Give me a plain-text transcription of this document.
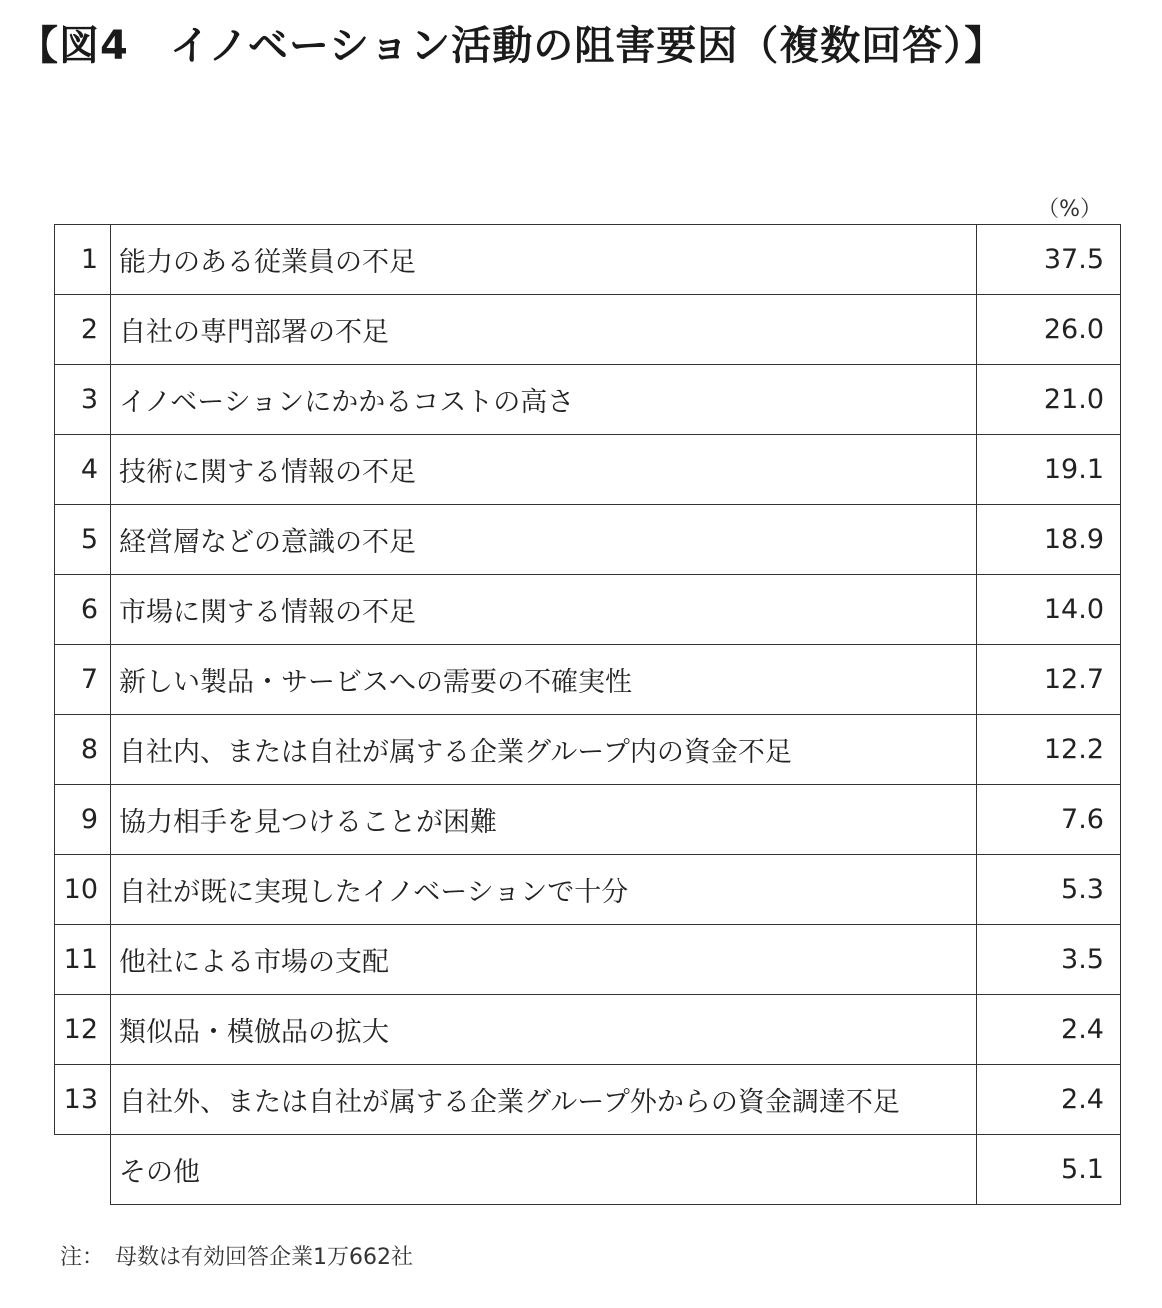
【図4　イノベーション活動の阻害要因（複数回答）】
（%）
1	能力のある従業員の不足	37.5
2	自社の専門部署の不足	26.0
3	イノベーションにかかるコストの高さ	21.0
4	技術に関する情報の不足	19.1
5	経営層などの意識の不足	18.9
6	市場に関する情報の不足	14.0
7	新しい製品・サービスへの需要の不確実性	12.7
8	自社内、または自社が属する企業グループ内の資金不足	12.2
9	協力相手を見つけることが困難	7.6
10	自社が既に実現したイノベーションで十分	5.3
11	他社による市場の支配	3.5
12	類似品・模倣品の拡大	2.4
13	自社外、または自社が属する企業グループ外からの資金調達不足	2.4
	その他	5.1
注：　母数は有効回答企業1万662社
